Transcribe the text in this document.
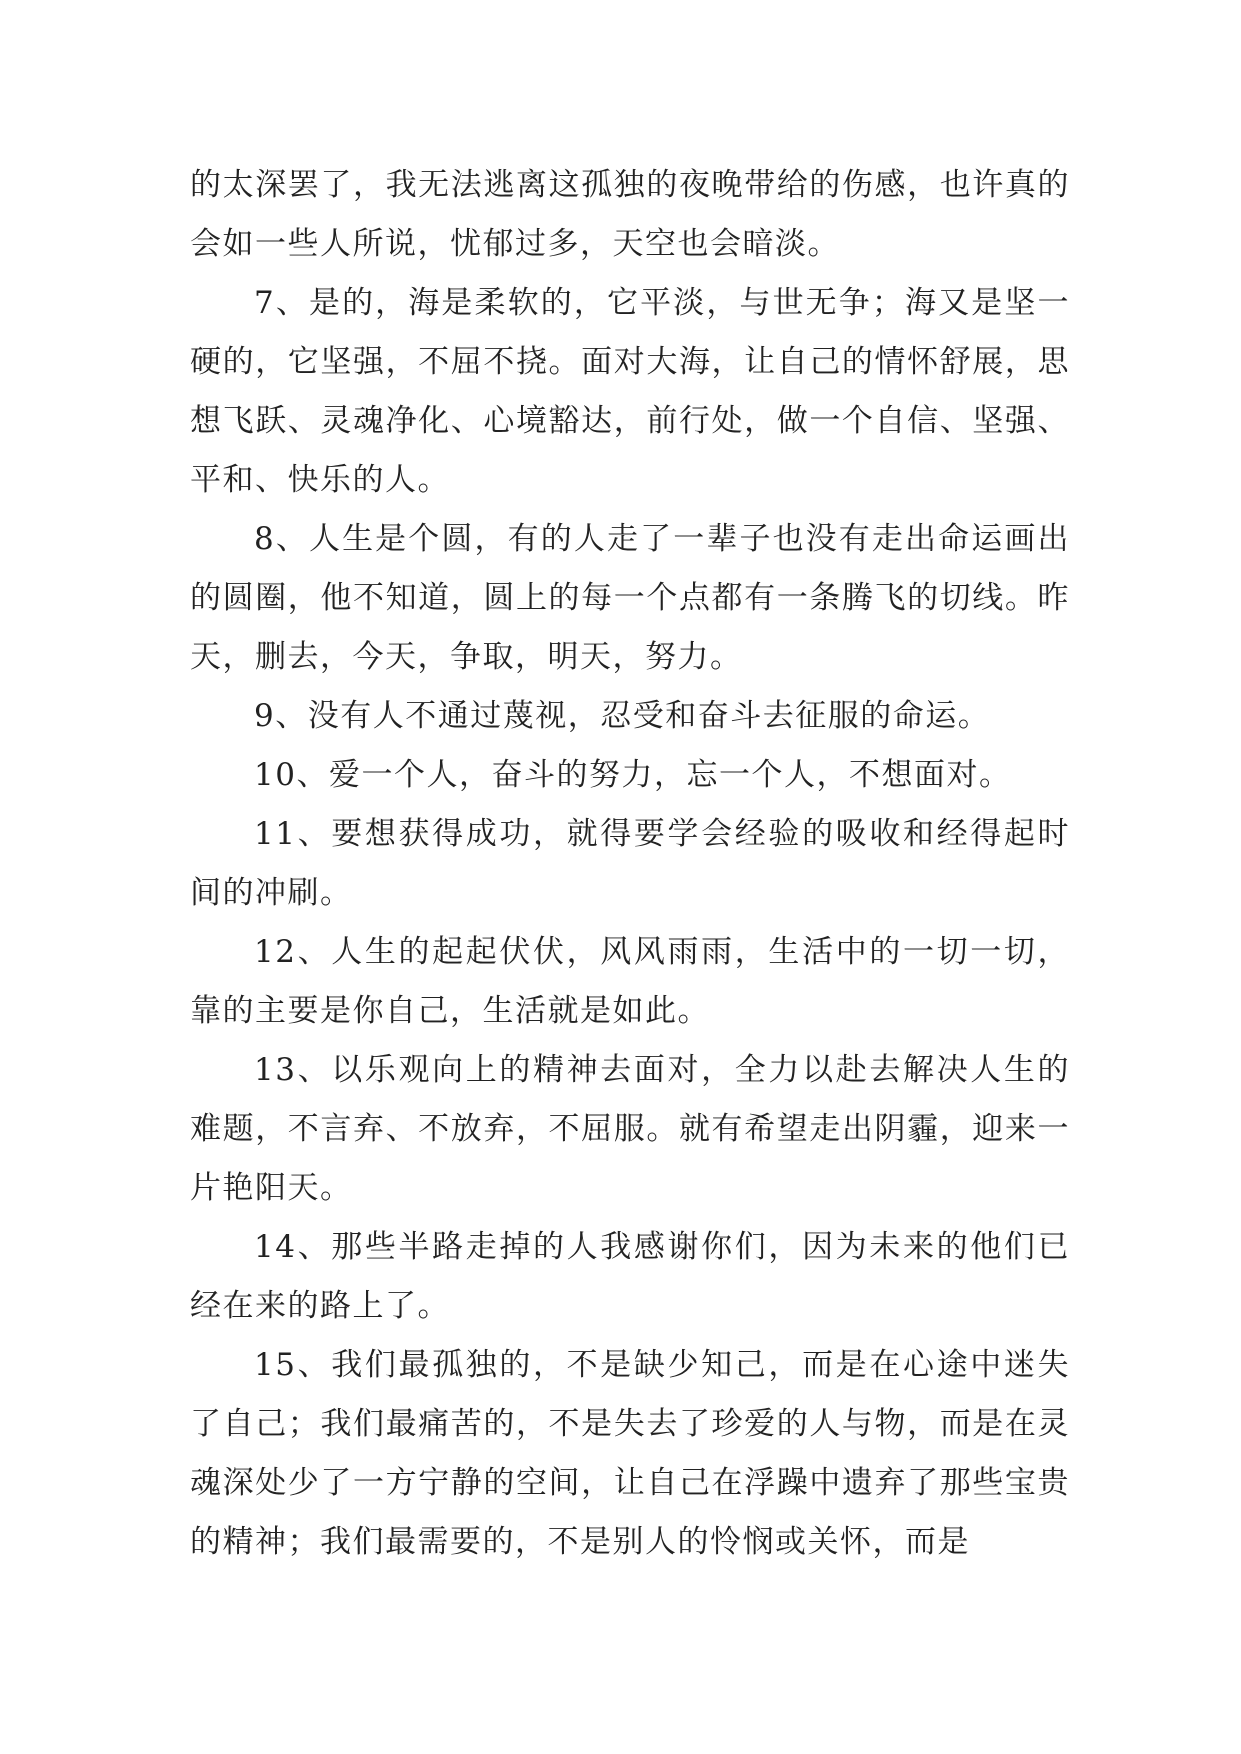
的太深罢了，我无法逃离这孤独的夜晚带给的伤感，也许真的会如一些人所说，忧郁过多，天空也会暗淡。

7、是的，海是柔软的，它平淡，与世无争；海又是坚一硬的，它坚强，不屈不挠。面对大海，让自己的情怀舒展，思想飞跃、灵魂净化、心境豁达，前行处，做一个自信、坚强、平和、快乐的人。

8、人生是个圆，有的人走了一辈子也没有走出命运画出的圆圈，他不知道，圆上的每一个点都有一条腾飞的切线。昨天，删去，今天，争取，明天，努力。

9、没有人不通过蔑视，忍受和奋斗去征服的命运。

10、爱一个人，奋斗的努力，忘一个人，不想面对。

11、要想获得成功，就得要学会经验的吸收和经得起时间的冲刷。

12、人生的起起伏伏，风风雨雨，生活中的一切一切，靠的主要是你自己，生活就是如此。

13、以乐观向上的精神去面对，全力以赴去解决人生的难题，不言弃、不放弃，不屈服。就有希望走出阴霾，迎来一片艳阳天。

14、那些半路走掉的人我感谢你们，因为未来的他们已经在来的路上了。

15、我们最孤独的，不是缺少知己，而是在心途中迷失了自己；我们最痛苦的，不是失去了珍爱的人与物，而是在灵魂深处少了一方宁静的空间，让自己在浮躁中遗弃了那些宝贵的精神；我们最需要的，不是别人的怜悯或关怀，而是
